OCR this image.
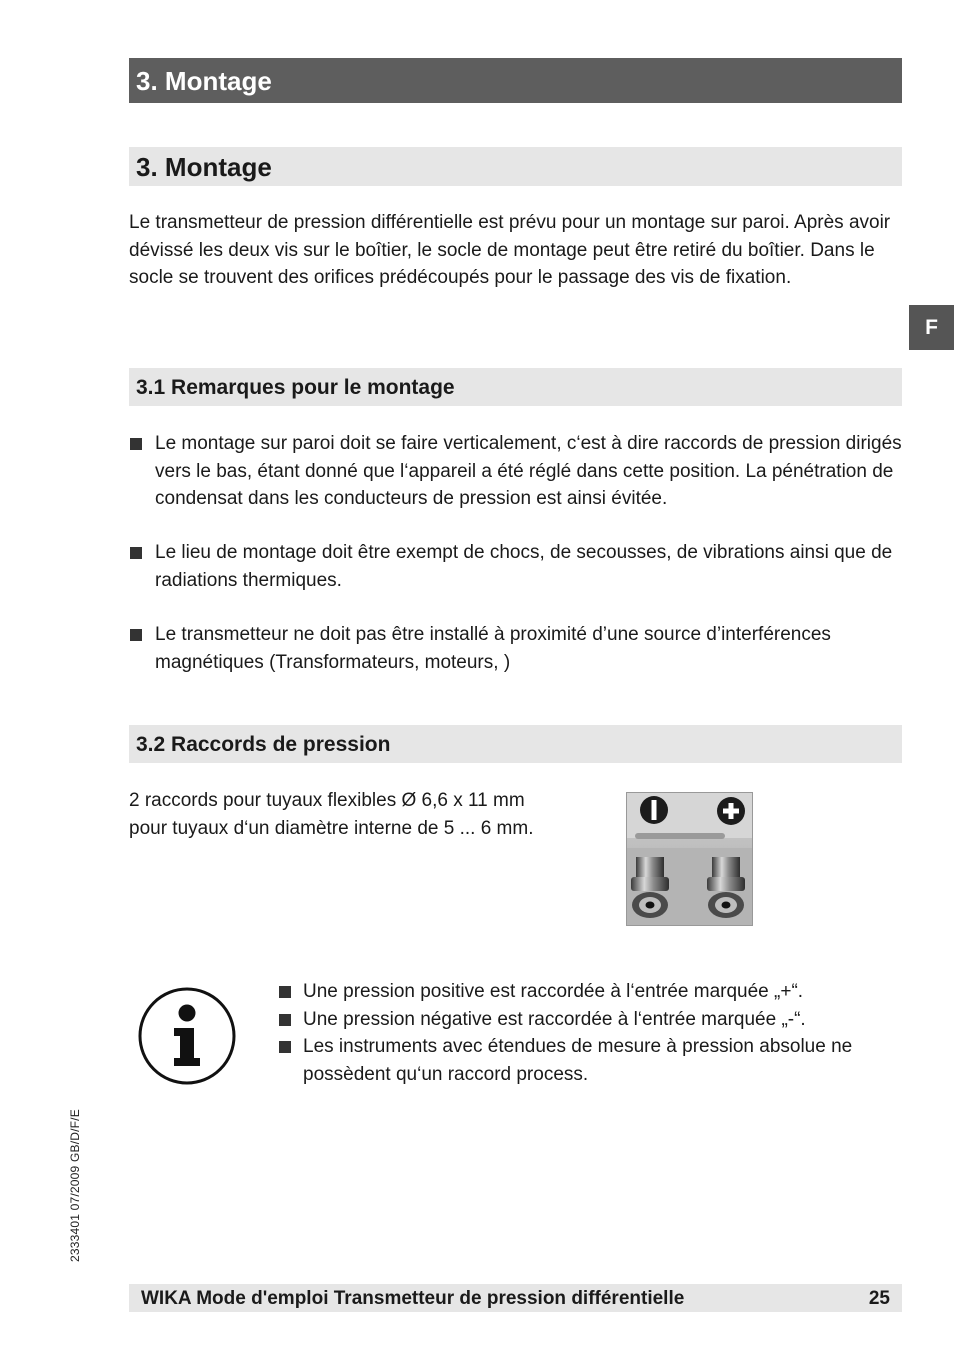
3. Montage
3. Montage

Le transmetteur de pression différentielle est prévu pour un montage sur paroi. Après avoir dévissé les deux vis sur le boîtier, le socle de montage peut être retiré du boîtier. Dans le socle se trouvent des orifices prédécoupés pour le passage des vis de fixation.

F
3.1 Remarques pour le montage
Le montage sur paroi doit se faire verticalement, c‘est à dire raccords de pression dirigés vers le bas, étant donné que l‘appareil a été réglé dans cette position. La pénétration de condensat dans les conducteurs de pression est ainsi évitée.
Le lieu de montage doit être exempt de chocs, de secousses, de vibrations ainsi que de radiations thermiques.
Le transmetteur ne doit pas être installé à proximité d’une source d’interférences magnétiques (Transformateurs, moteurs, )
3.2 Raccords de pression
2 raccords pour tuyaux flexibles Ø 6,6 x 11 mm
pour tuyaux d‘un diamètre interne de 5 ... 6 mm.
Une pression positive est raccordée à l‘entrée marquée „+“.
Une pression négative est raccordée à l‘entrée marquée „-“.
Les instruments avec étendues de mesure à pression absolue ne possèdent qu‘un raccord process.
2333401 07/2009 GB/D/F/E
WIKA Mode d'emploi Transmetteur de pression différentielle	25
